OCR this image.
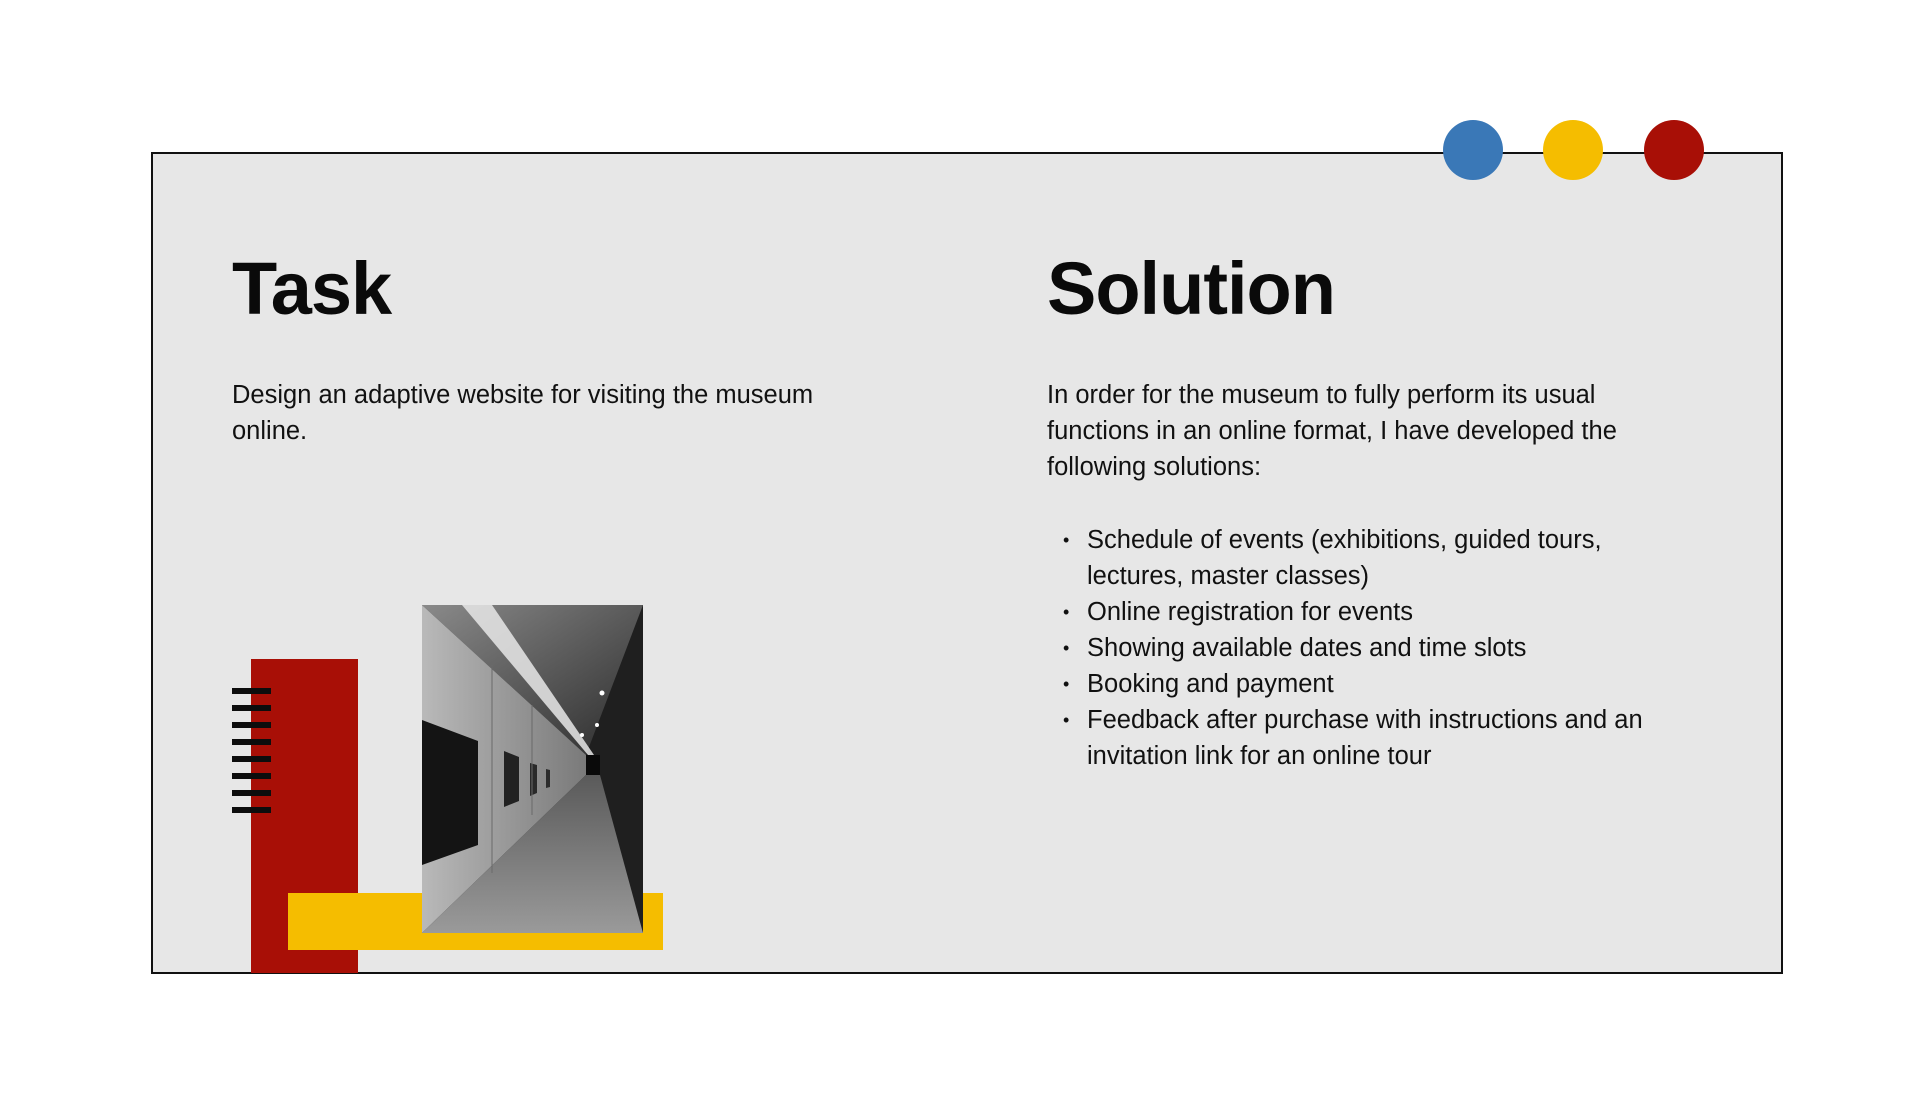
Task

Design an adaptive website for visiting the museum online.

Solution

In order for the museum to fully perform its usual functions in an online format, I have developed the following solutions:

• Schedule of events (exhibitions, guided tours, lectures, master classes)
• Online registration for events
• Showing available dates and time slots
• Booking and payment
• Feedback after purchase with instructions and an invitation link for an online tour
